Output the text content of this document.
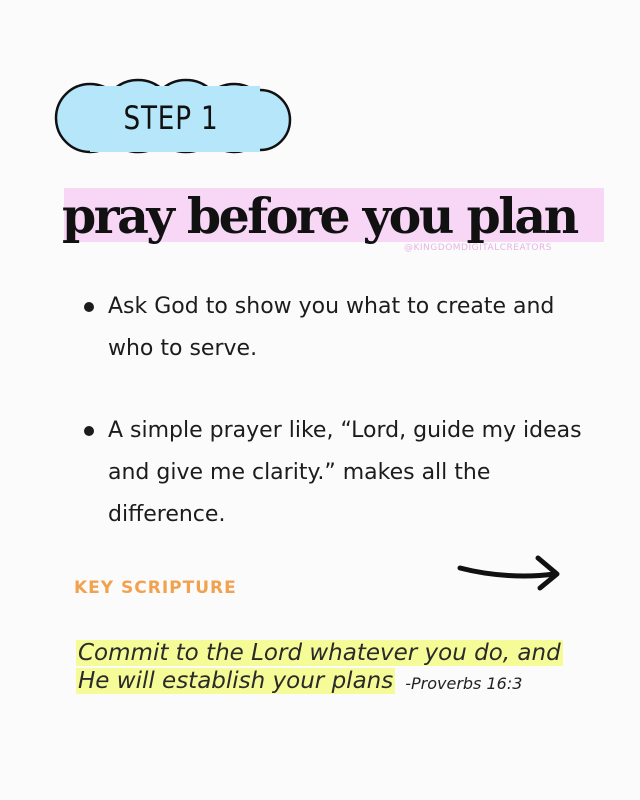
STEP 1
pray before you plan
@KINGDOMDIGITALCREATORS
Ask God to show you what to create and who to serve.
A simple prayer like, “Lord, guide my ideas and give me clarity.” makes all the difference.
KEY SCRIPTURE
Commit to the Lord whatever you do, and
He will establish your plans -Proverbs 16:3
